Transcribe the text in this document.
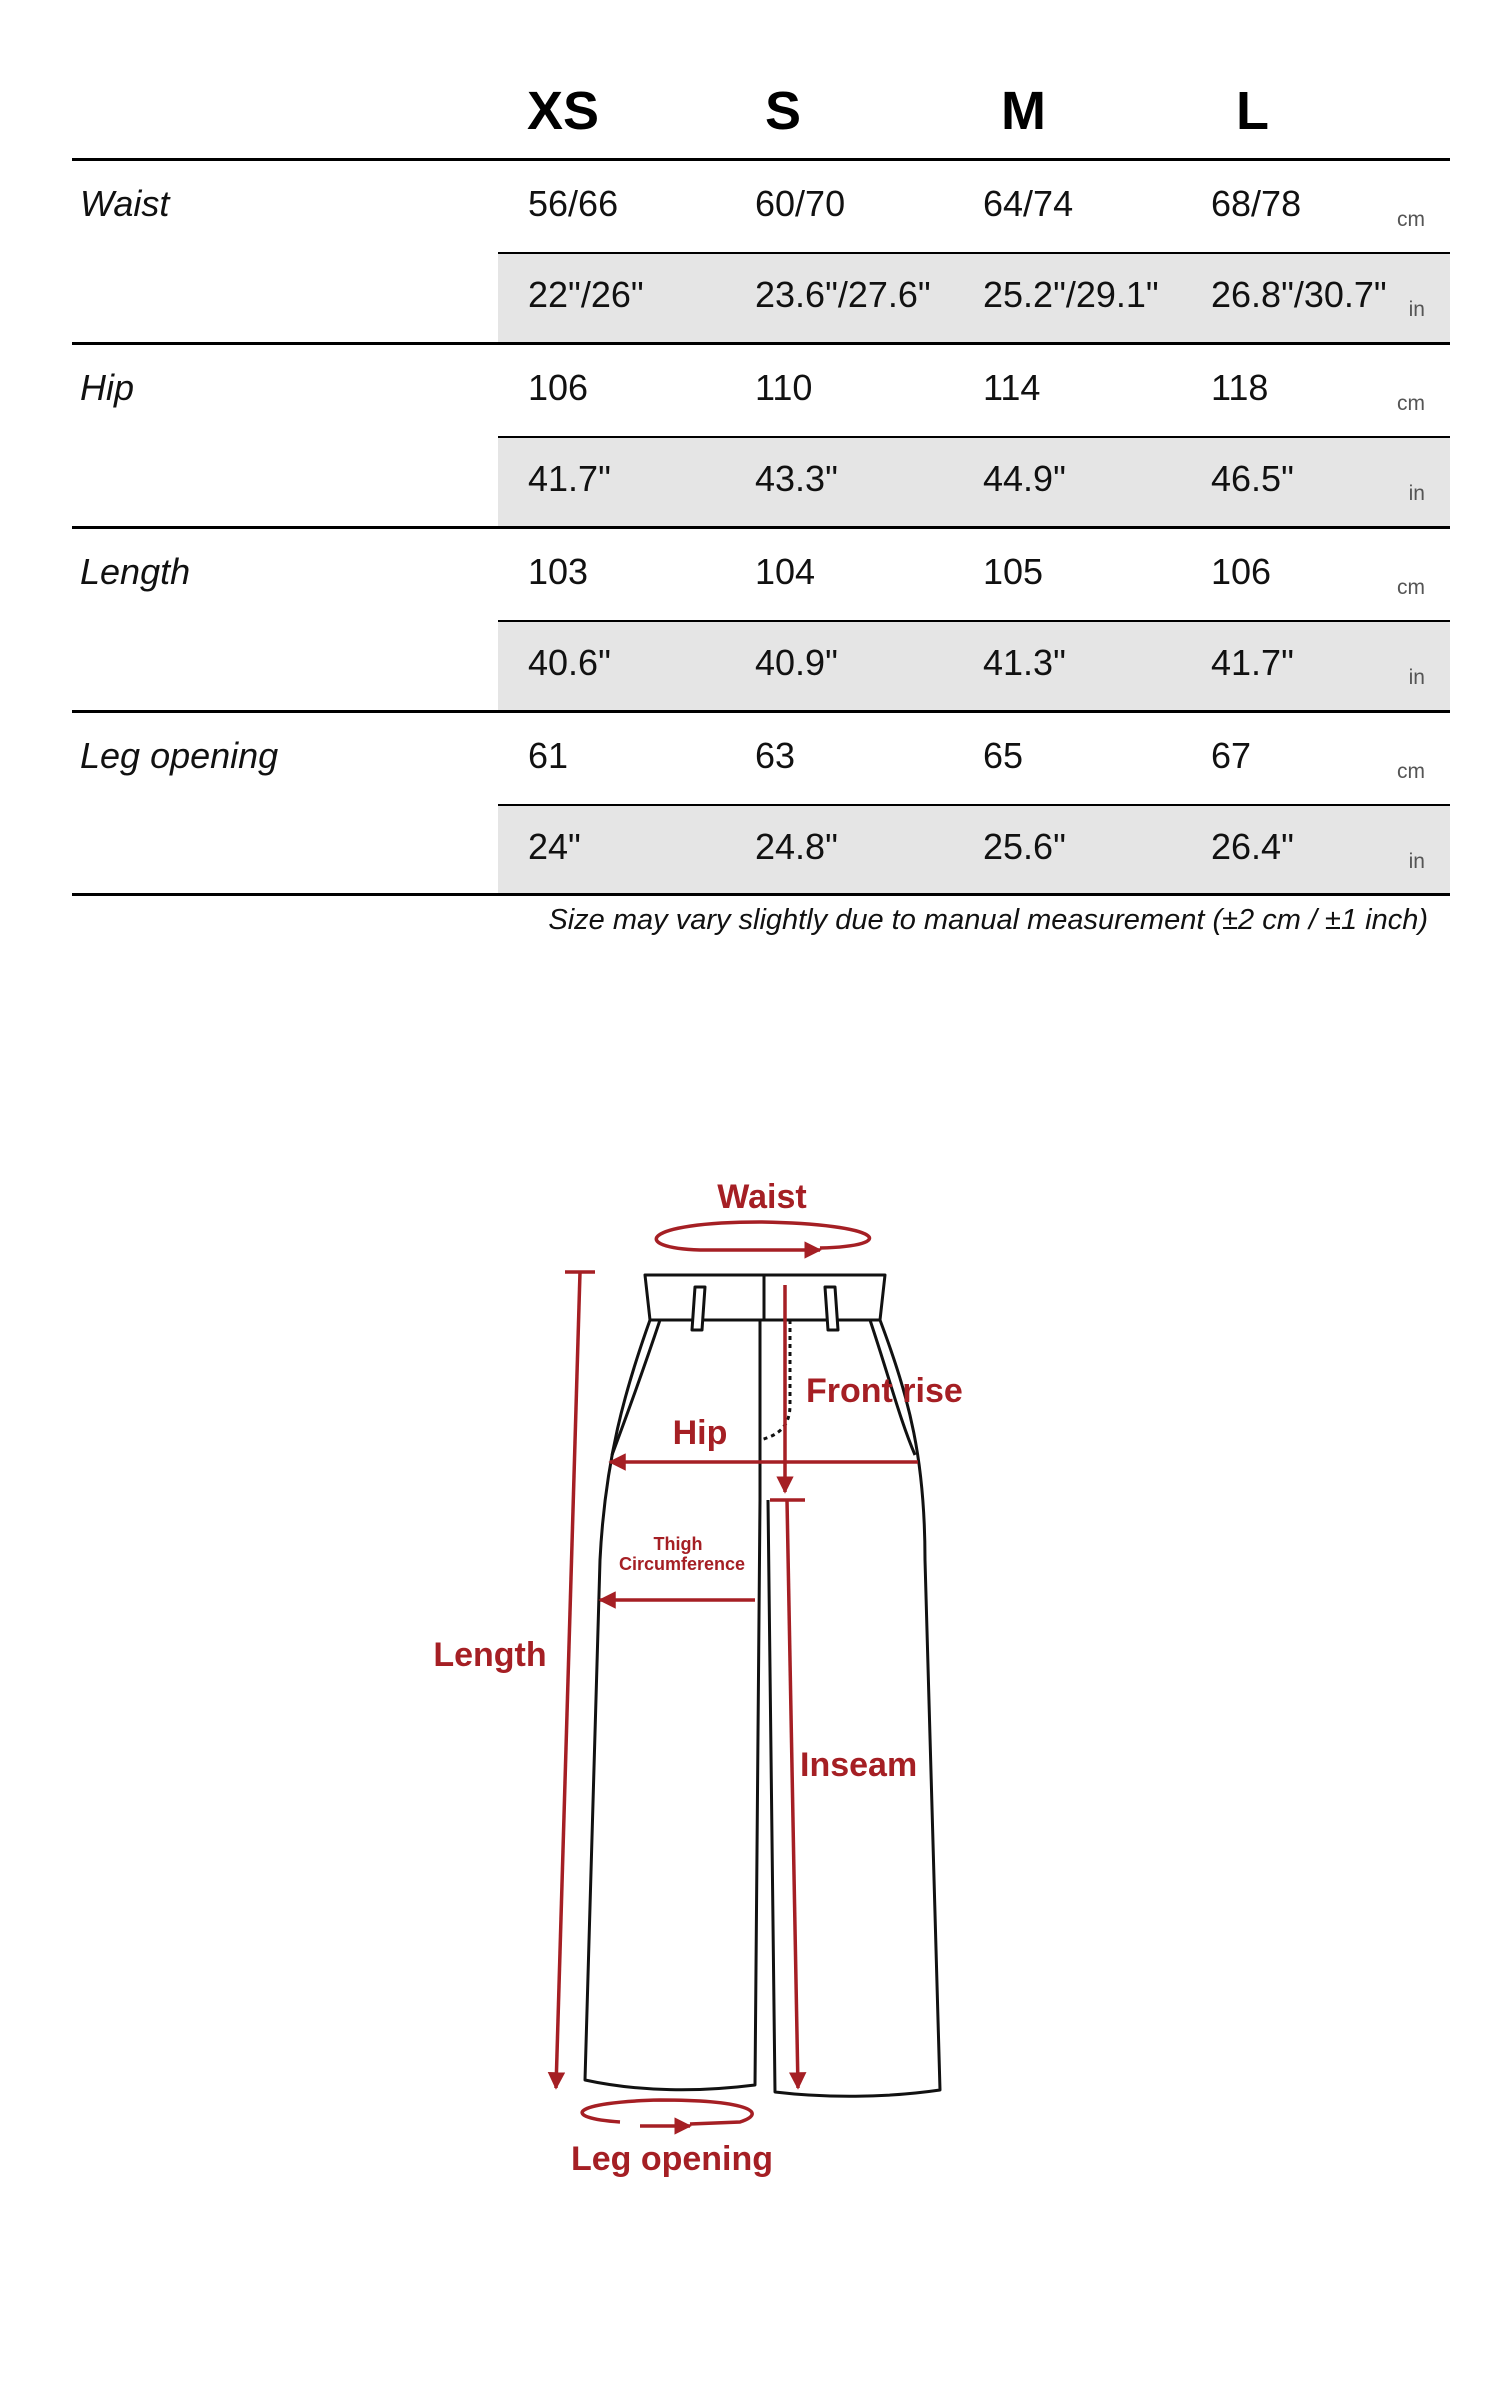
XS	S	M	L
Waist	56/66	60/70	64/74	68/78	cm
22"/26"	23.6"/27.6" 25.2"/29.1" 26.8"/30.7" in
Hip	106	110	114	118	cm
41.7"	43.3"	44.9"	46.5"	in
Length	103	104	105	106	cm
40.6"	40.9"	41.3"	41.7"	in
Leg opening	61	63	65	67	cm
24"	24.8"	25.6"	26.4"	in
Size may vary slightly due to manual measurement (±2 cm / ±1 inch)
Waist
Front rise
Hip
Thigh
Circumference
Length
Inseam
Leg opening
